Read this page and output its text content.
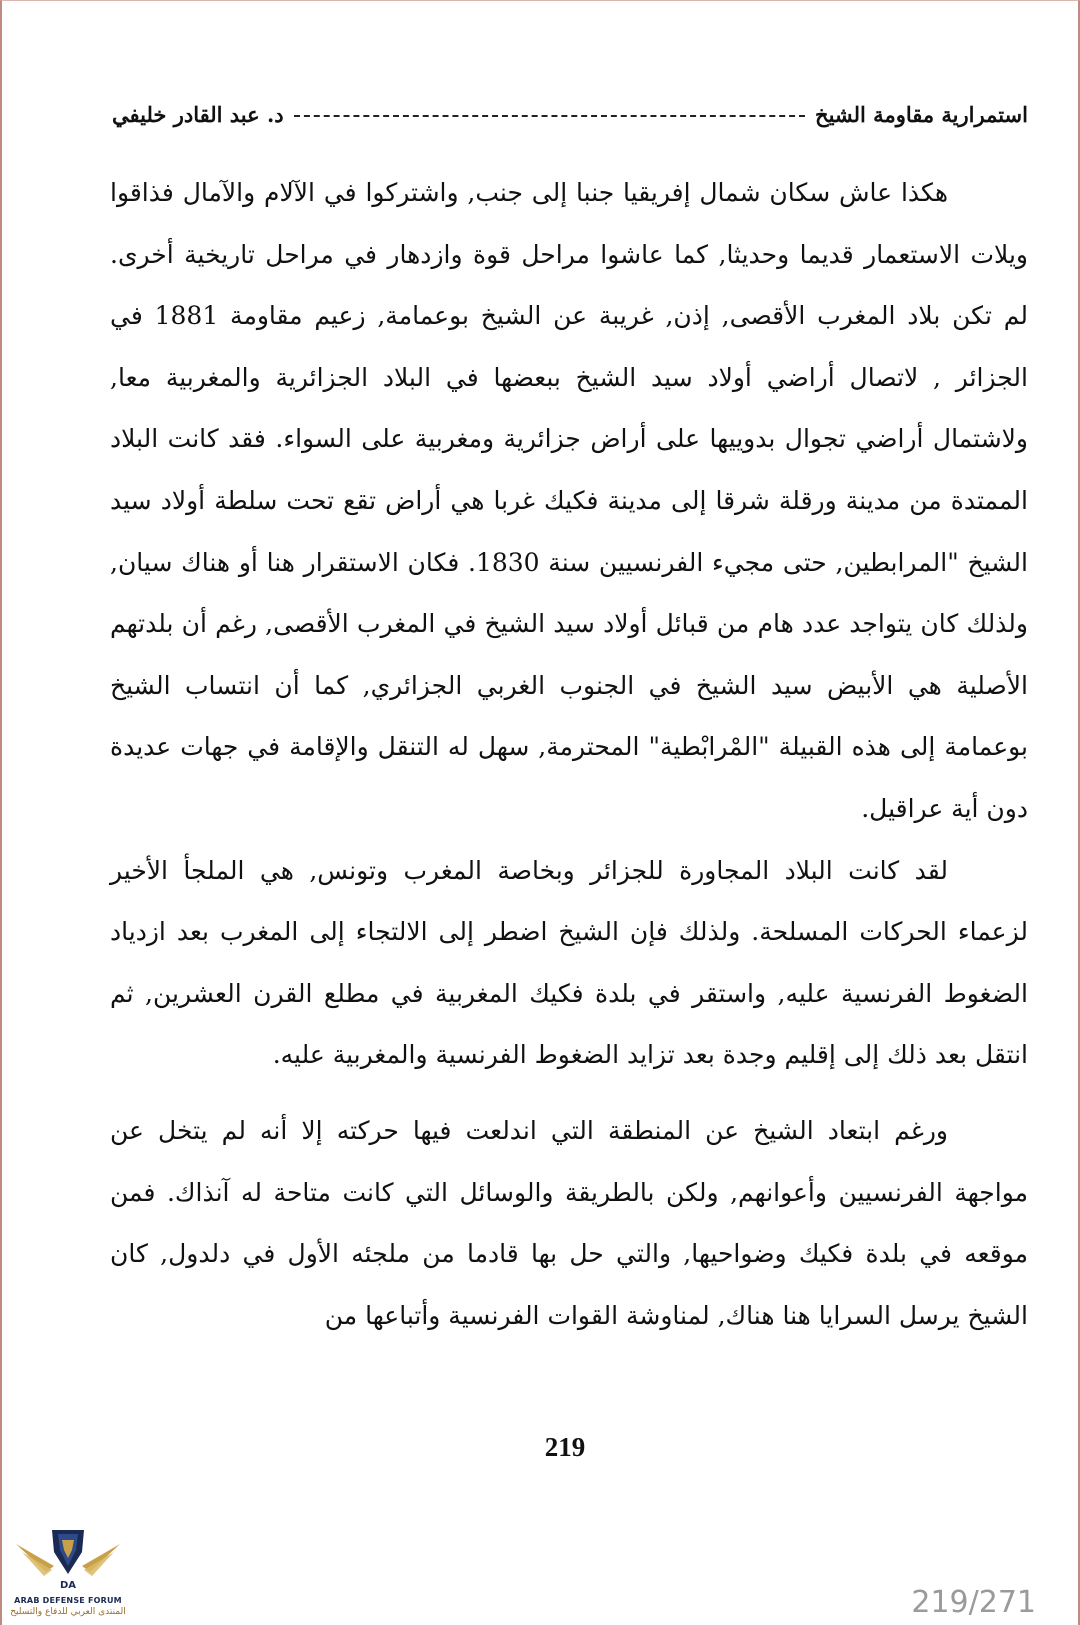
استمرارية مقاومة الشيخ
د. عبد القادر خليفي

هكذا عاش سكان شمال إفريقيا جنبا إلى جنب, واشتركوا في الآلام والآمال فذاقوا ويلات الاستعمار قديما وحديثا, كما عاشوا مراحل قوة وازدهار في مراحل تاريخية أخرى. لم تكن بلاد المغرب الأقصى, إذن, غريبة عن الشيخ بوعمامة, زعيم مقاومة 1881 في الجزائر , لاتصال أراضي أولاد سيد الشيخ ببعضها في البلاد الجزائرية والمغربية معا, ولاشتمال أراضي تجوال بدوييها على أراض جزائرية ومغربية على السواء. فقد كانت البلاد الممتدة من مدينة ورقلة شرقا إلى مدينة فكيك غربا هي أراض تقع تحت سلطة أولاد سيد الشيخ "المرابطين, حتى مجيء الفرنسيين سنة 1830. فكان الاستقرار هنا أو هناك سيان, ولذلك كان يتواجد عدد هام من قبائل أولاد سيد الشيخ في المغرب الأقصى, رغم أن بلدتهم الأصلية هي الأبيض سيد الشيخ في الجنوب الغربي الجزائري, كما أن انتساب الشيخ بوعمامة إلى هذه القبيلة "المْرابْطية" المحترمة, سهل له التنقل والإقامة في جهات عديدة دون أية عراقيل.

لقد كانت البلاد المجاورة للجزائر وبخاصة المغرب وتونس, هي الملجأ الأخير لزعماء الحركات المسلحة. ولذلك فإن الشيخ اضطر إلى الالتجاء إلى المغرب بعد ازدياد الضغوط الفرنسية عليه, واستقر في بلدة فكيك المغربية في مطلع القرن العشرين, ثم انتقل بعد ذلك إلى إقليم وجدة بعد تزايد الضغوط الفرنسية والمغربية عليه.

ورغم ابتعاد الشيخ عن المنطقة التي اندلعت فيها حركته إلا أنه لم يتخل عن مواجهة الفرنسيين وأعوانهم, ولكن بالطريقة والوسائل التي كانت متاحة له آنذاك. فمن موقعه في بلدة فكيك وضواحيها, والتي حل بها قادما من ملجئه الأول في دلدول, كان الشيخ يرسل السرايا هنا هناك, لمناوشة القوات الفرنسية وأتباعها من

219
DA
ARAB DEFENSE FORUM
المنتدى العربي للدفاع والتسليح	219/271
